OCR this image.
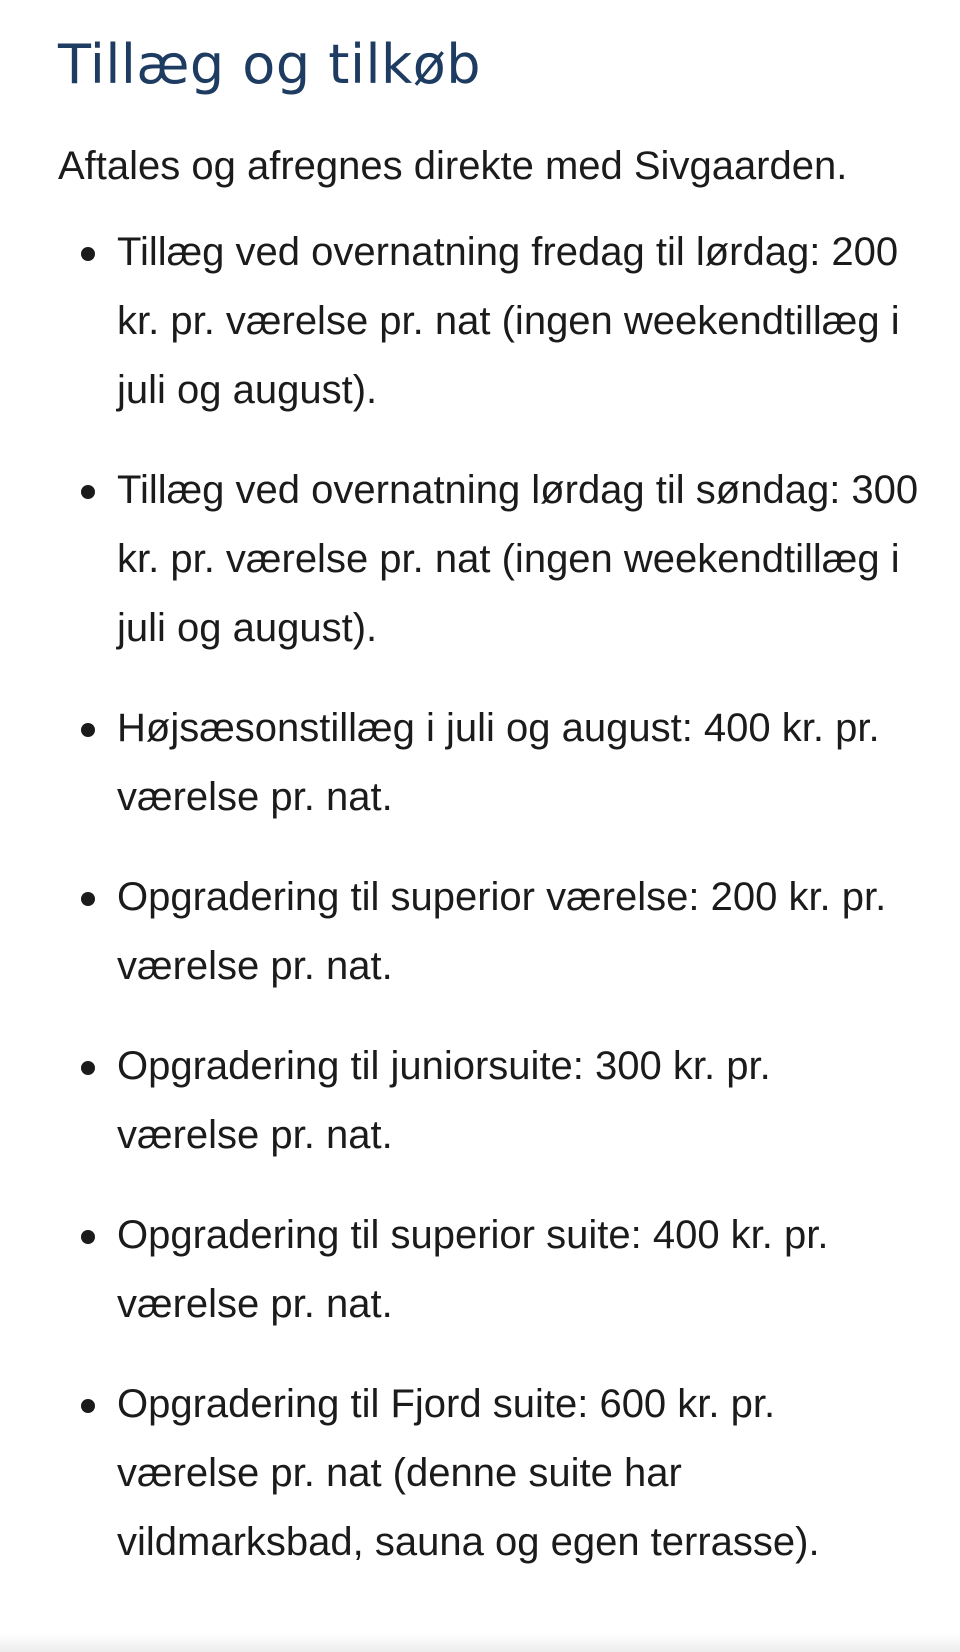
Tillæg og tilkøb

Aftales og afregnes direkte med Sivgaarden.

Tillæg ved overnatning fredag til lørdag: 200 kr. pr. værelse pr. nat (ingen weekendtillæg i juli og august).
Tillæg ved overnatning lørdag til søndag: 300 kr. pr. værelse pr. nat (ingen weekendtillæg i juli og august).
Højsæsonstillæg i juli og august: 400 kr. pr. værelse pr. nat.
Opgradering til superior værelse: 200 kr. pr. værelse pr. nat.
Opgradering til juniorsuite: 300 kr. pr. værelse pr. nat.
Opgradering til superior suite: 400 kr. pr. værelse pr. nat.
Opgradering til Fjord suite: 600 kr. pr. værelse pr. nat (denne suite har vildmarksbad, sauna og egen terrasse).
